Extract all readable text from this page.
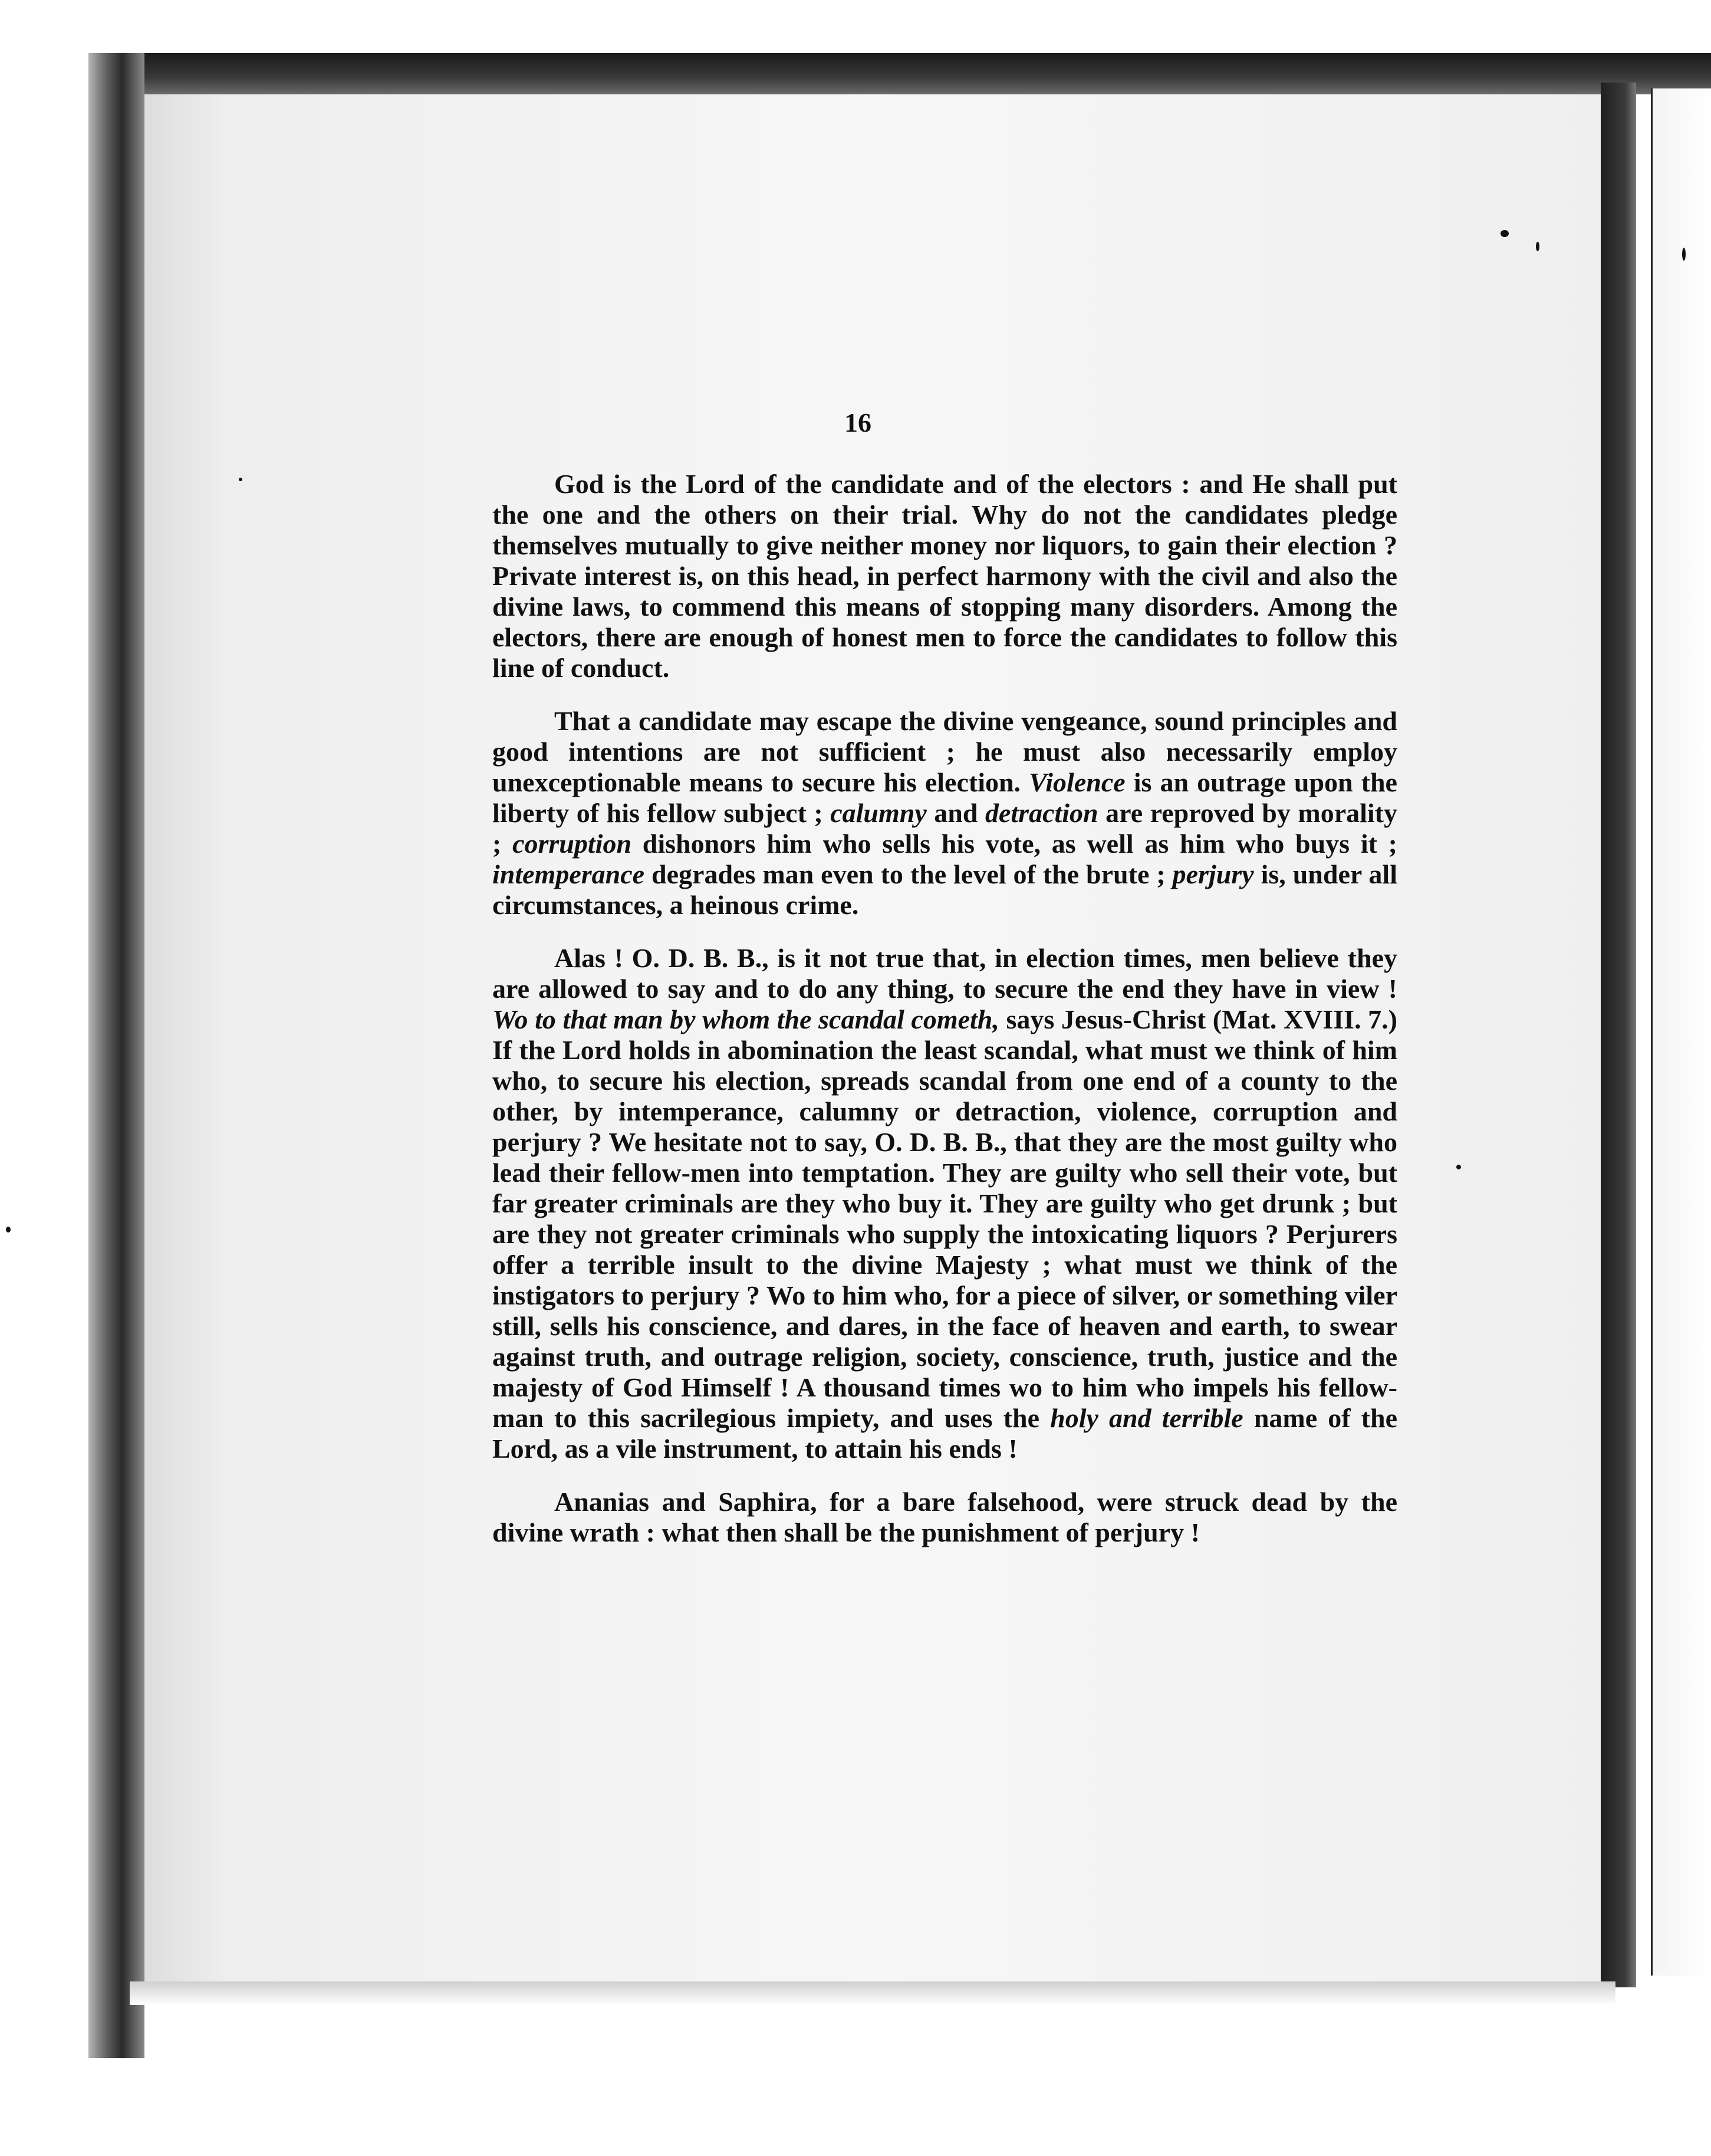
16

God is the Lord of the candidate and of the electors : and He shall put the one and the others on their trial. Why do not the candidates pledge themselves mutually to give neither money nor liquors, to gain their election ? Private interest is, on this head, in perfect harmony with the civil and also the divine laws, to commend this means of stopping many disorders. Among the electors, there are enough of honest men to force the candidates to follow this line of conduct.

That a candidate may escape the divine vengeance, sound principles and good intentions are not sufficient ; he must also necessarily employ unexceptionable means to secure his election. Violence is an outrage upon the liberty of his fellow subject ; calumny and detraction are reproved by morality ; corruption dishonors him who sells his vote, as well as him who buys it ; intemperance degrades man even to the level of the brute ; perjury is, under all circumstances, a heinous crime.

Alas ! O. D. B. B., is it not true that, in election times, men believe they are allowed to say and to do any thing, to secure the end they have in view ! Wo to that man by whom the scandal cometh, says Jesus-Christ (Mat. XVIII. 7.) If the Lord holds in abomination the least scandal, what must we think of him who, to secure his election, spreads scandal from one end of a county to the other, by intemperance, calumny or detraction, violence, corruption and perjury ? We hesitate not to say, O. D. B. B., that they are the most guilty who lead their fellow-men into temptation. They are guilty who sell their vote, but far greater criminals are they who buy it. They are guilty who get drunk ; but are they not greater criminals who supply the intoxicating liquors ? Perjurers offer a terrible insult to the divine Majesty ; what must we think of the instigators to perjury ? Wo to him who, for a piece of silver, or something viler still, sells his conscience, and dares, in the face of heaven and earth, to swear against truth, and outrage religion, society, conscience, truth, justice and the majesty of God Himself ! A thousand times wo to him who impels his fellow-man to this sacrilegious impiety, and uses the holy and terrible name of the Lord, as a vile instrument, to attain his ends !

Ananias and Saphira, for a bare falsehood, were struck dead by the divine wrath : what then shall be the punishment of perjury !
